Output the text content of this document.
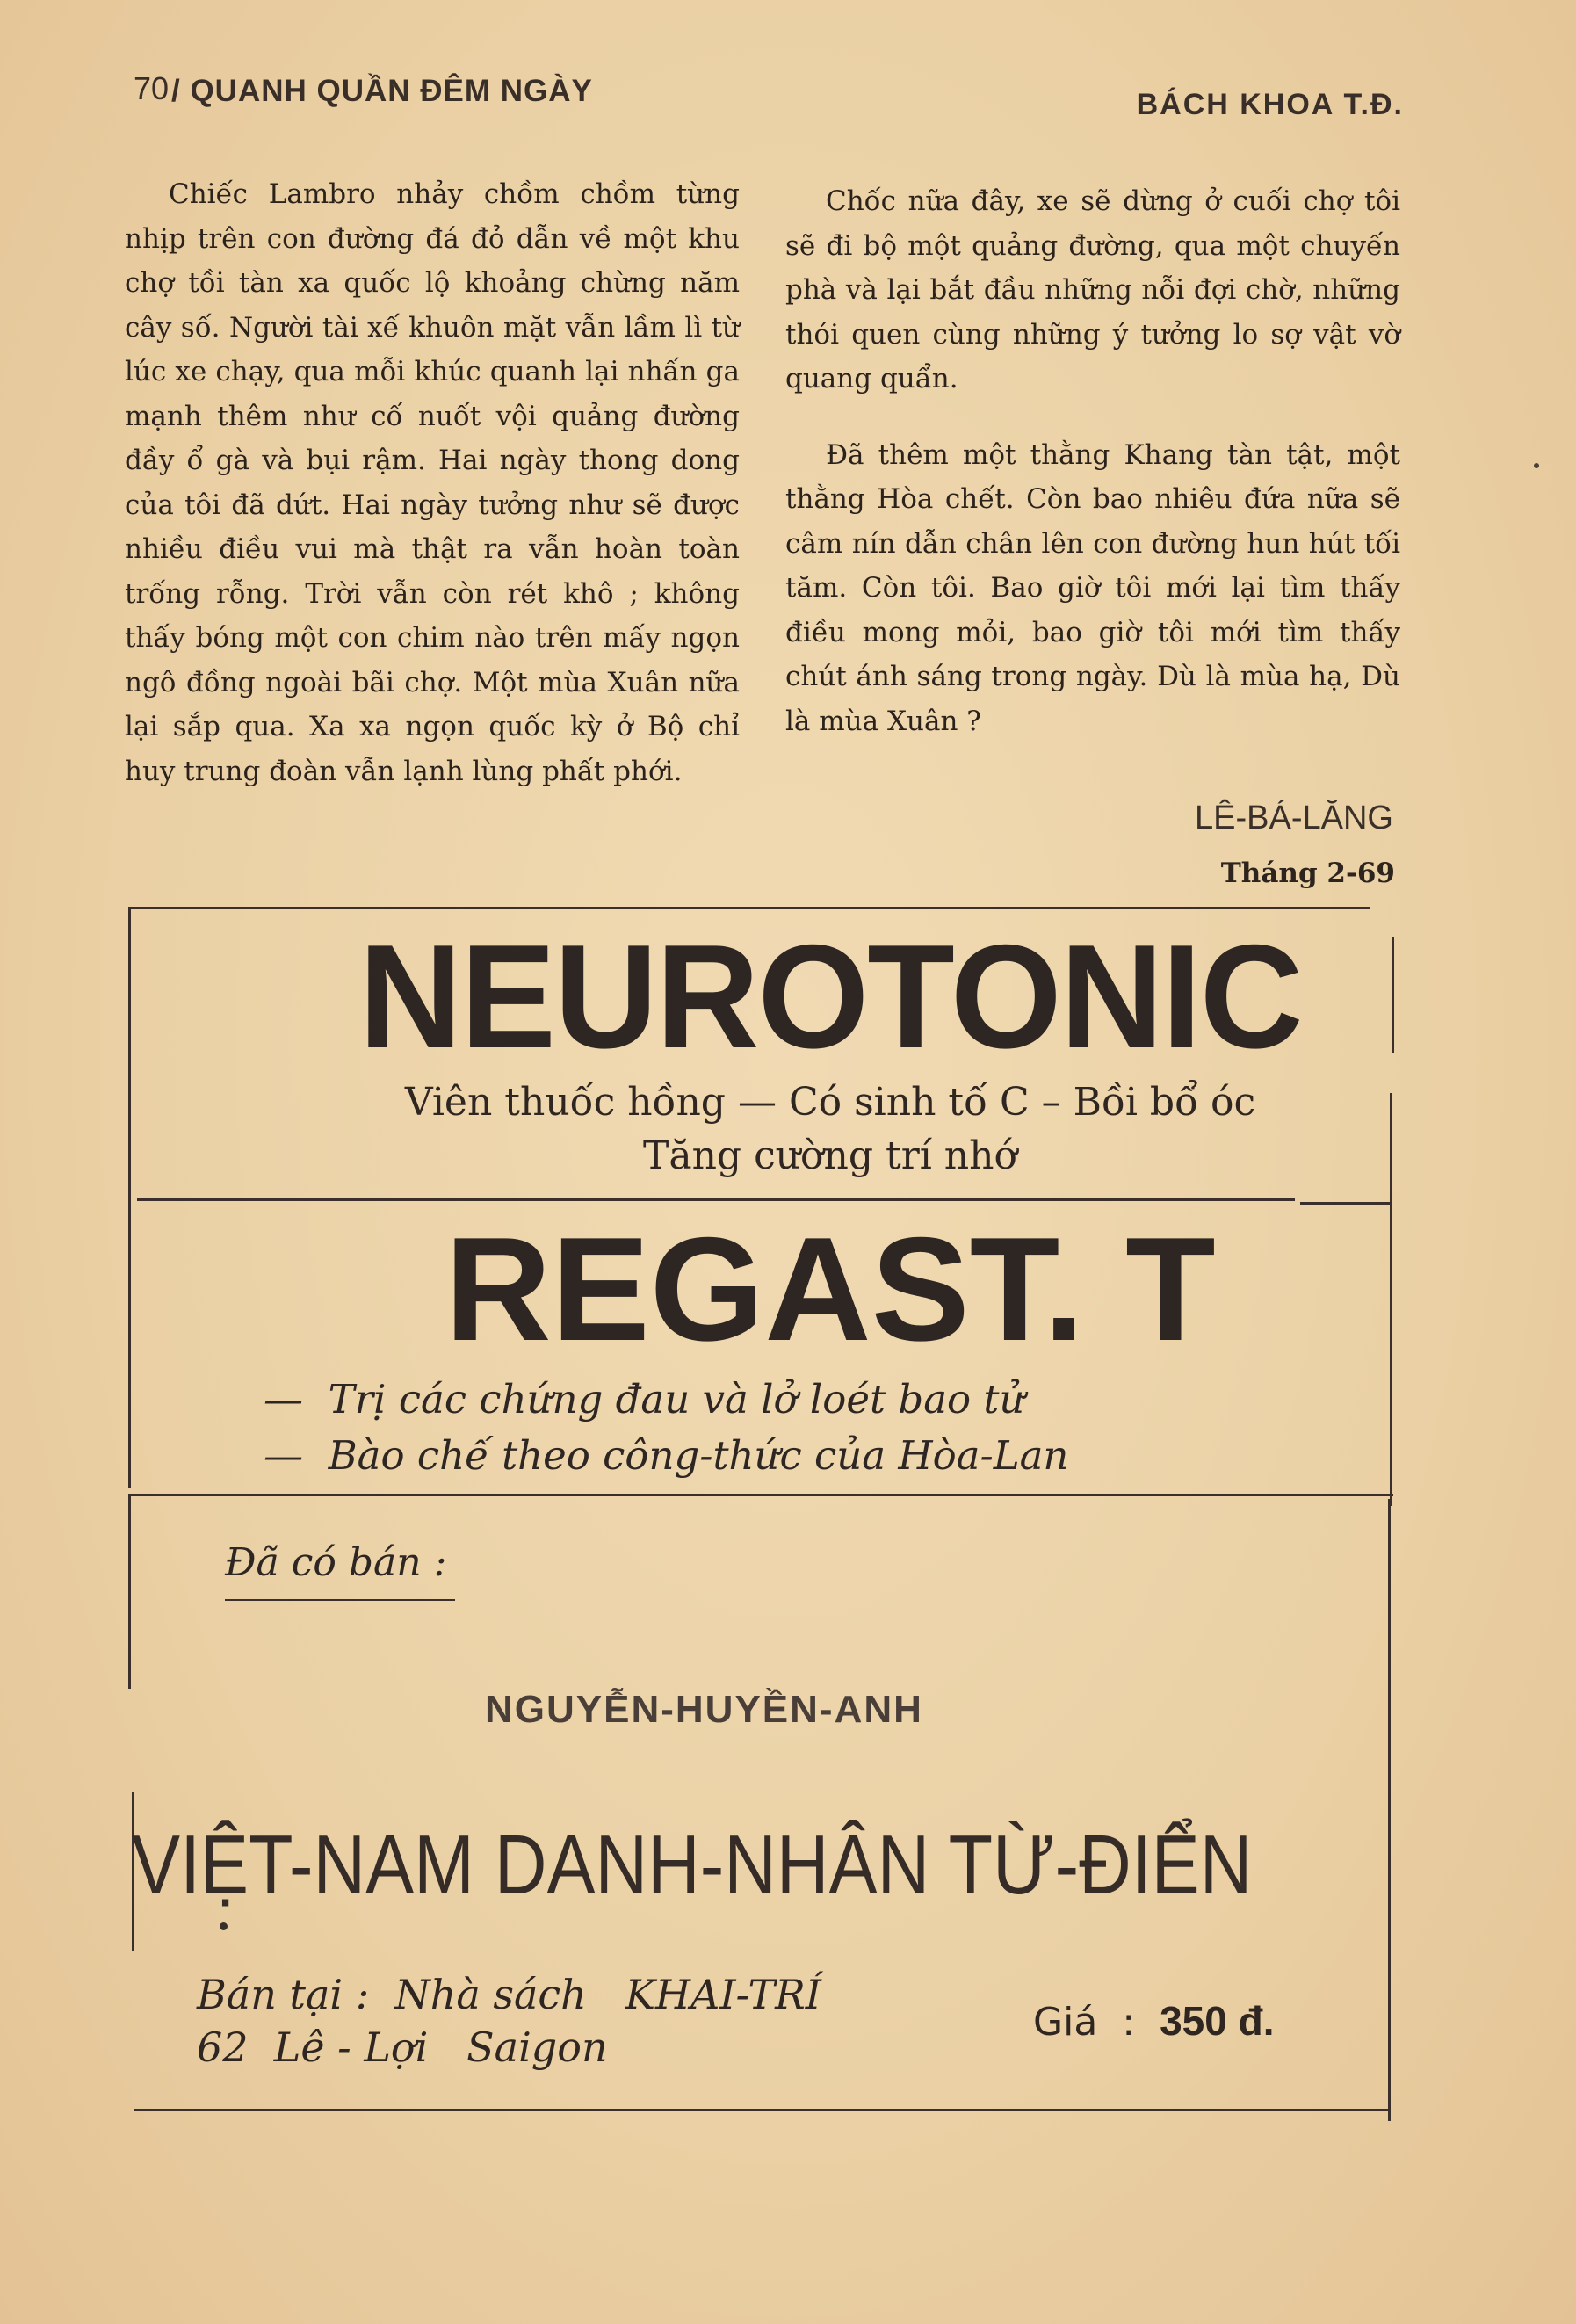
70 / QUANH QUẦN ĐÊM NGÀY	BÁCH KHOA T.Đ.

Chiếc Lambro nhảy chồm chồm từng nhịp trên con đường đá đỏ dẫn về một khu chợ tồi tàn xa quốc lộ khoảng chừng năm cây số. Người tài xế khuôn mặt vẫn lầm lì từ lúc xe chạy, qua mỗi khúc quanh lại nhấn ga mạnh thêm như cố nuốt vội quảng đường đầy ổ gà và bụi rậm. Hai ngày thong dong của tôi đã dứt. Hai ngày tưởng như sẽ được nhiều điều vui mà thật ra vẫn hoàn toàn trống rỗng. Trời vẫn còn rét khô ; không thấy bóng một con chim nào trên mấy ngọn ngô đồng ngoài bãi chợ. Một mùa Xuân nữa lại sắp qua. Xa xa ngọn quốc kỳ ở Bộ chỉ huy trung đoàn vẫn lạnh lùng phất phới.

Chốc nữa đây, xe sẽ dừng ở cuối chợ tôi sẽ đi bộ một quảng đường, qua một chuyến phà và lại bắt đầu những nỗi đợi chờ, những thói quen cùng những ý tưởng lo sợ vật vờ quang quẩn.

Đã thêm một thằng Khang tàn tật, một thằng Hòa chết. Còn bao nhiêu đứa nữa sẽ câm nín dẫn chân lên con đường hun hút tối tăm. Còn tôi. Bao giờ tôi mới lại tìm thấy điều mong mỏi, bao giờ tôi mới tìm thấy chút ánh sáng trong ngày. Dù là mùa hạ, Dù là mùa Xuân ?

LÊ-BÁ-LĂNG
Tháng 2-69
NEUROTONIC
Viên thuốc hồng — Có sinh tố C – Bồi bổ óc
Tăng cường trí nhớ
REGAST. T
—  Trị các chứng đau và lở loét bao tử
—  Bào chế theo công-thức của Hòa-Lan
Đã có bán :
NGUYỄN-HUYỀN-ANH
VIỆT-NAM DANH-NHÂN TỪ-ĐIỂN
Bán tại :  Nhà sách   KHAI-TRÍ
62  Lê - Lợi   Saigon
Giá  :  350 đ.
